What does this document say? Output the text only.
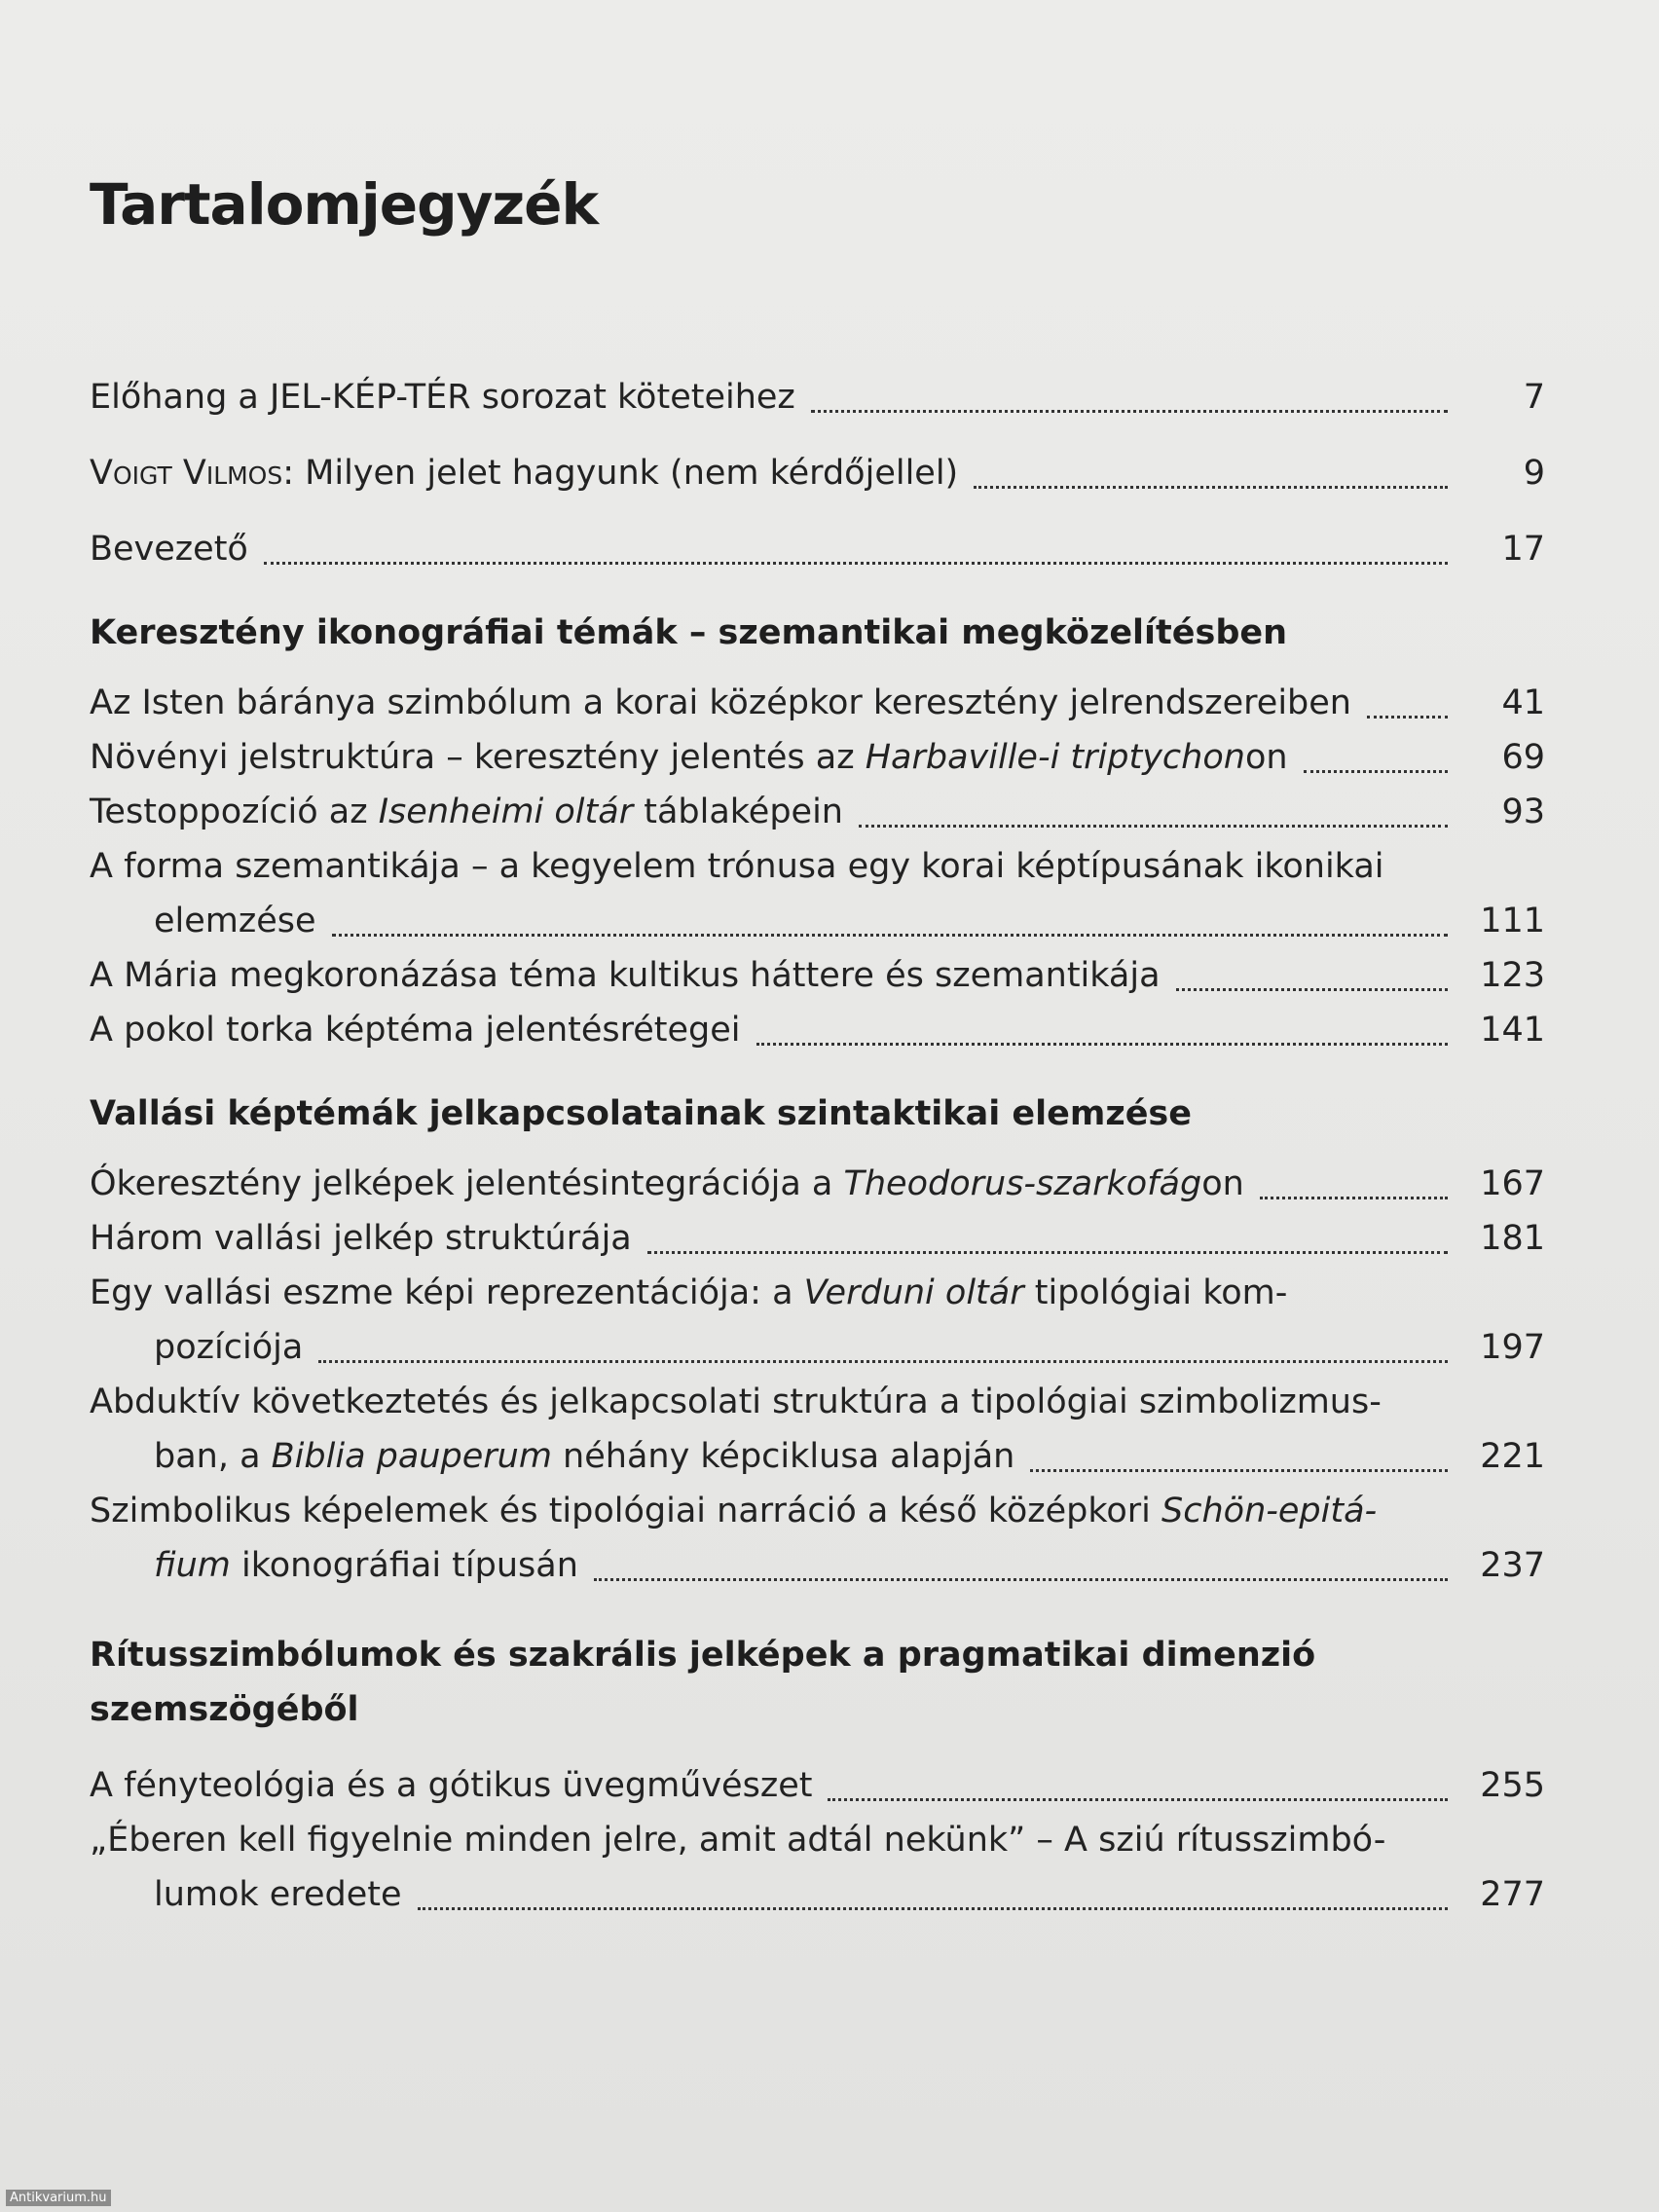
Tartalomjegyzék
Előhang a JEL-KÉP-TÉR sorozat köteteihez	7
Voigt Vilmos: Milyen jelet hagyunk (nem kérdőjellel)	9
Bevezető	17
Keresztény ikonográfiai témák – szemantikai megközelítésben
Az Isten báránya szimbólum a korai középkor keresztény jelrendszereiben	41
Növényi jelstruktúra – keresztény jelentés az Harbaville-i triptychonon	69
Testoppozíció az Isenheimi oltár táblaképein	93
A forma szemantikája – a kegyelem trónusa egy korai képtípusának ikonikai
elemzése	111
A Mária megkoronázása téma kultikus háttere és szemantikája	123
A pokol torka képtéma jelentésrétegei	141
Vallási képtémák jelkapcsolatainak szintaktikai elemzése
Ókeresztény jelképek jelentésintegrációja a Theodorus-szarkofágon	167
Három vallási jelkép struktúrája	181
Egy vallási eszme képi reprezentációja: a Verduni oltár tipológiai kom-
pozíciója	197
Abduktív következtetés és jelkapcsolati struktúra a tipológiai szimbolizmus-
ban, a Biblia pauperum néhány képciklusa alapján	221
Szimbolikus képelemek és tipológiai narráció a késő középkori Schön-epitá-
fium ikonográfiai típusán	237
Rítusszimbólumok és szakrális jelképek a pragmatikai dimenzió
szemszögéből
A fényteológia és a gótikus üvegművészet	255
„Éberen kell figyelnie minden jelre, amit adtál nekünk” – A sziú rítusszimbó-
lumok eredete	277
Antikvarium.hu
